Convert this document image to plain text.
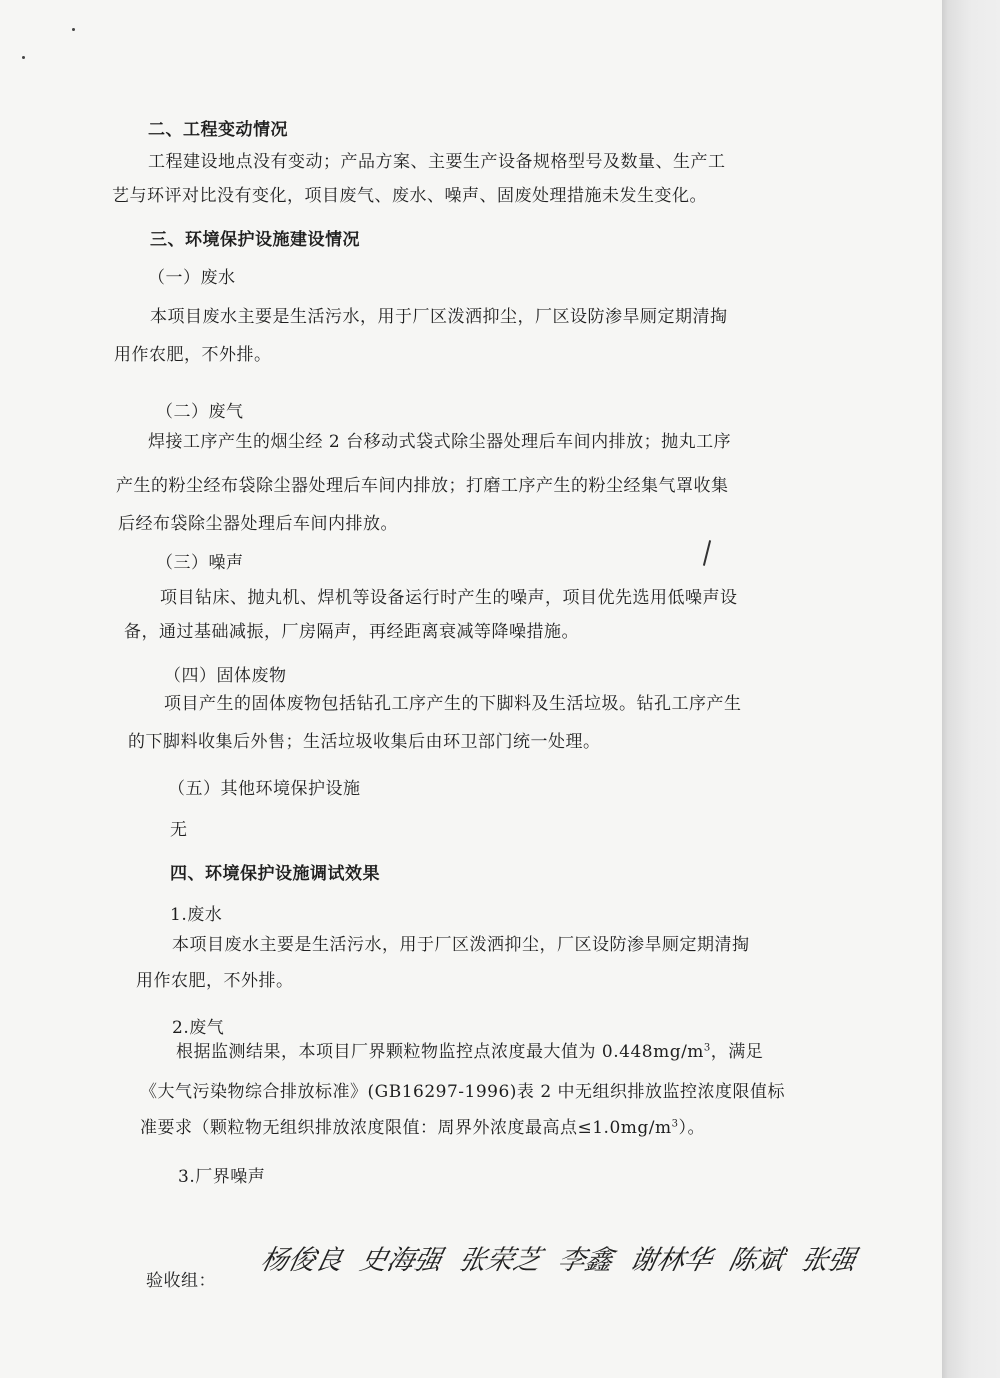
二、工程变动情况
工程建设地点没有变动；产品方案、主要生产设备规格型号及数量、生产工
艺与环评对比没有变化，项目废气、废水、噪声、固废处理措施未发生变化。
三、环境保护设施建设情况
（一）废水
本项目废水主要是生活污水，用于厂区泼洒抑尘，厂区设防渗旱厕定期清掏
用作农肥，不外排。
（二）废气
焊接工序产生的烟尘经 2 台移动式袋式除尘器处理后车间内排放；抛丸工序
产生的粉尘经布袋除尘器处理后车间内排放；打磨工序产生的粉尘经集气罩收集
后经布袋除尘器处理后车间内排放。
（三）噪声
项目钻床、抛丸机、焊机等设备运行时产生的噪声，项目优先选用低噪声设
备，通过基础减振，厂房隔声，再经距离衰减等降噪措施。
（四）固体废物
项目产生的固体废物包括钻孔工序产生的下脚料及生活垃圾。钻孔工序产生
的下脚料收集后外售；生活垃圾收集后由环卫部门统一处理。
（五）其他环境保护设施
无
四、环境保护设施调试效果
1.废水
本项目废水主要是生活污水，用于厂区泼洒抑尘，厂区设防渗旱厕定期清掏
用作农肥，不外排。
2.废气
根据监测结果，本项目厂界颗粒物监控点浓度最大值为 $0.448mg/m^3$，满足
《大气污染物综合排放标准》(GB16297-1996)表 2 中无组织排放监控浓度限值标
准要求（颗粒物无组织排放浓度限值：周界外浓度最高点$\le 1.0mg/m^3$）。
3.厂界噪声
验收组：
杨俊良 史海强 张荣芝 李鑫 谢林华 陈斌 张强
